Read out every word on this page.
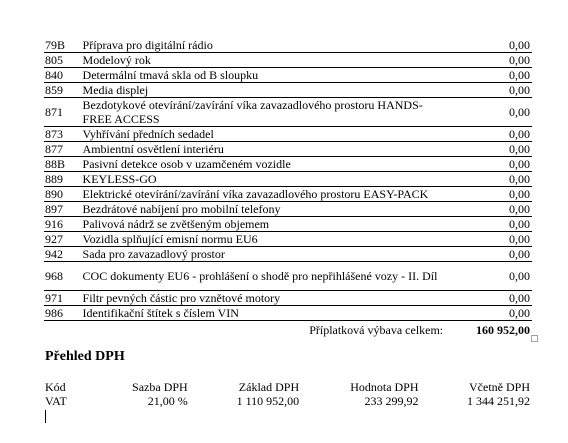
79B	Příprava pro digitální rádio	0,00
805	Modelový rok	0,00
840	Determální tmavá skla od B sloupku	0,00
859	Media displej	0,00
871	Bezdotykové otevírání/zavírání víka zavazadlového prostoru HANDS-FREE ACCESS	0,00
873	Vyhřívání předních sedadel	0,00
877	Ambientní osvětlení interiéru	0,00
88B	Pasivní detekce osob v uzamčeném vozidle	0,00
889	KEYLESS-GO	0,00
890	Elektrické otevírání/zavírání víka zavazadlového prostoru EASY-PACK	0,00
897	Bezdrátové nabíjení pro mobilní telefony	0,00
916	Palivová nádrž se zvětšeným objemem	0,00
927	Vozidla splňující emisní normu EU6	0,00
942	Sada pro zavazadlový prostor	0,00
968	COC dokumenty EU6 - prohlášení o shodě pro nepřihlášené vozy - II. Díl	0,00
971	Filtr pevných částic pro vznětové motory	0,00
986	Identifikační štítek s číslem VIN	0,00
Příplatková výbava celkem:		160 952,00
Přehled DPH
Kód	Sazba DPH	Základ DPH	Hodnota DPH	Včetně DPH
VAT	21,00 %	1 110 952,00	233 299,92	1 344 251,92
